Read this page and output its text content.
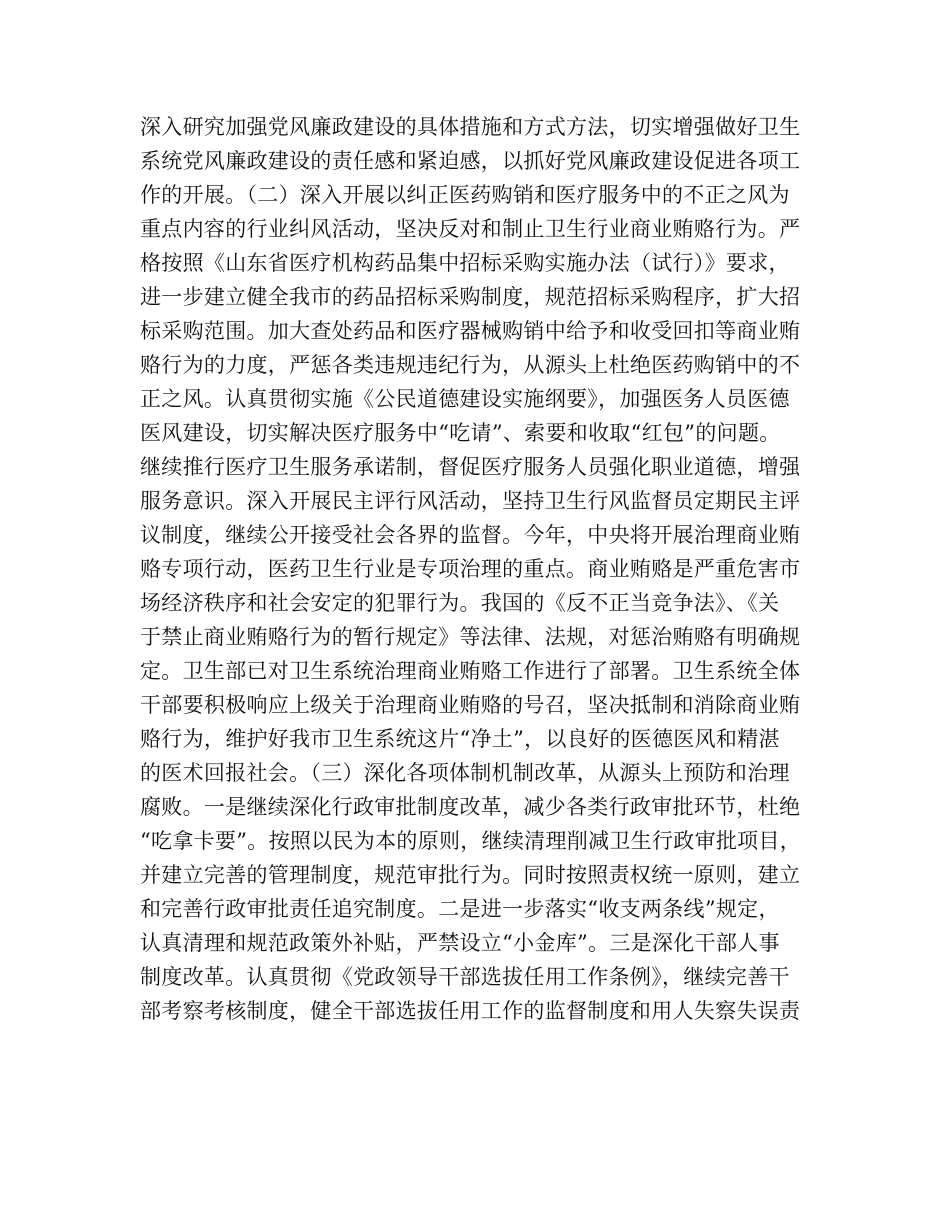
深入研究加强党风廉政建设的具体措施和方式方法，切实增强做好卫生
系统党风廉政建设的责任感和紧迫感，以抓好党风廉政建设促进各项工
作的开展。（二）深入开展以纠正医药购销和医疗服务中的不正之风为
重点内容的行业纠风活动，坚决反对和制止卫生行业商业贿赂行为。严
格按照《山东省医疗机构药品集中招标采购实施办法（试行）》要求，
进一步建立健全我市的药品招标采购制度，规范招标采购程序，扩大招
标采购范围。加大查处药品和医疗器械购销中给予和收受回扣等商业贿
赂行为的力度，严惩各类违规违纪行为，从源头上杜绝医药购销中的不
正之风。认真贯彻实施《公民道德建设实施纲要》，加强医务人员医德
医风建设，切实解决医疗服务中“吃请”、索要和收取“红包”的问题。
继续推行医疗卫生服务承诺制，督促医疗服务人员强化职业道德，增强
服务意识。深入开展民主评行风活动，坚持卫生行风监督员定期民主评
议制度，继续公开接受社会各界的监督。今年，中央将开展治理商业贿
赂专项行动，医药卫生行业是专项治理的重点。商业贿赂是严重危害市
场经济秩序和社会安定的犯罪行为。我国的《反不正当竞争法》、《关
于禁止商业贿赂行为的暂行规定》等法律、法规，对惩治贿赂有明确规
定。卫生部已对卫生系统治理商业贿赂工作进行了部署。卫生系统全体
干部要积极响应上级关于治理商业贿赂的号召，坚决抵制和消除商业贿
赂行为，维护好我市卫生系统这片“净土”，以良好的医德医风和精湛
的医术回报社会。（三）深化各项体制机制改革，从源头上预防和治理
腐败。一是继续深化行政审批制度改革，减少各类行政审批环节，杜绝
“吃拿卡要”。按照以民为本的原则，继续清理削减卫生行政审批项目，
并建立完善的管理制度，规范审批行为。同时按照责权统一原则，建立
和完善行政审批责任追究制度。二是进一步落实“收支两条线”规定，
认真清理和规范政策外补贴，严禁设立“小金库”。三是深化干部人事
制度改革。认真贯彻《党政领导干部选拔任用工作条例》，继续完善干
部考察考核制度，健全干部选拔任用工作的监督制度和用人失察失误责
